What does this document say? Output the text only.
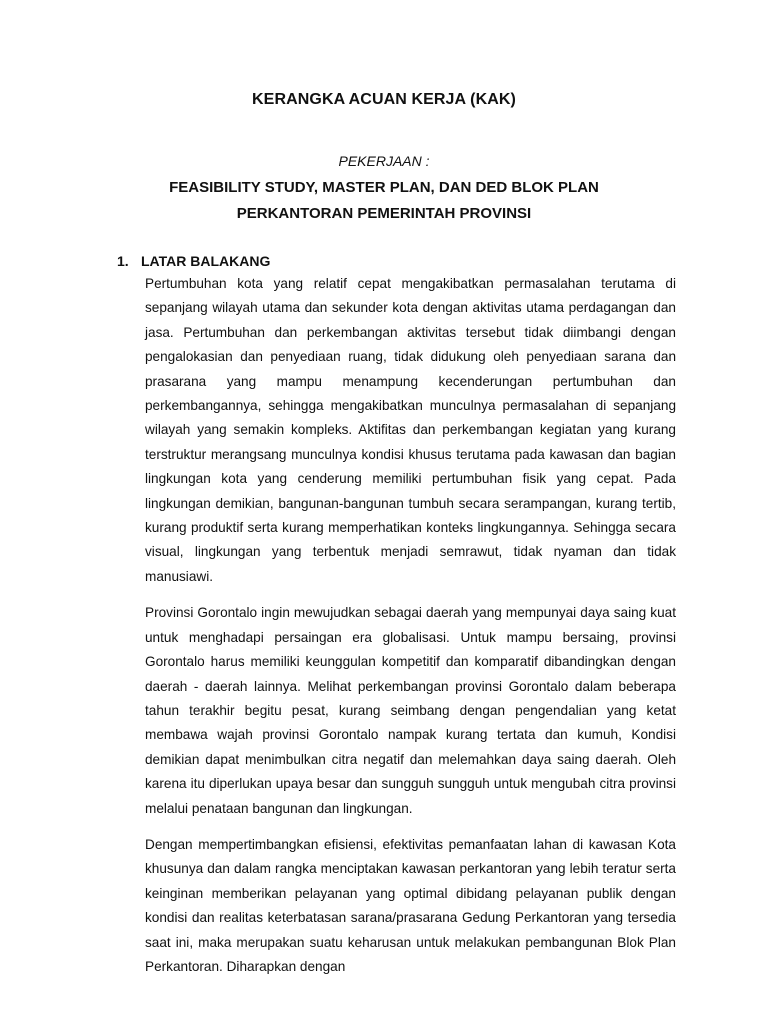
KERANGKA ACUAN KERJA (KAK)
PEKERJAAN :
FEASIBILITY STUDY, MASTER PLAN, DAN DED BLOK PLAN
PERKANTORAN PEMERINTAH PROVINSI
1. LATAR BALAKANG

Pertumbuhan kota yang relatif cepat mengakibatkan permasalahan terutama di sepanjang wilayah utama dan sekunder kota dengan aktivitas utama perdagangan dan jasa. Pertumbuhan dan perkembangan aktivitas tersebut tidak diimbangi dengan pengalokasian dan penyediaan ruang, tidak didukung oleh penyediaan sarana dan prasarana yang mampu menampung kecenderungan pertumbuhan dan perkembangannya, sehingga mengakibatkan munculnya permasalahan di sepanjang wilayah yang semakin kompleks. Aktifitas dan perkembangan kegiatan yang kurang terstruktur merangsang munculnya kondisi khusus terutama pada kawasan dan bagian lingkungan kota yang cenderung memiliki pertumbuhan fisik yang cepat. Pada lingkungan demikian, bangunan-bangunan tumbuh secara serampangan, kurang tertib, kurang produktif serta kurang memperhatikan konteks lingkungannya. Sehingga secara visual, lingkungan yang terbentuk menjadi semrawut, tidak nyaman dan tidak manusiawi.

Provinsi Gorontalo ingin mewujudkan sebagai daerah yang mempunyai daya saing kuat untuk menghadapi persaingan era globalisasi. Untuk mampu bersaing, provinsi Gorontalo harus memiliki keunggulan kompetitif dan komparatif dibandingkan dengan daerah - daerah lainnya. Melihat perkembangan provinsi Gorontalo dalam beberapa tahun terakhir begitu pesat, kurang seimbang dengan pengendalian yang ketat membawa wajah provinsi Gorontalo nampak kurang tertata dan kumuh, Kondisi demikian dapat menimbulkan citra negatif dan melemahkan daya saing daerah. Oleh karena itu diperlukan upaya besar dan sungguh sungguh untuk mengubah citra provinsi melalui penataan bangunan dan lingkungan.

Dengan mempertimbangkan efisiensi, efektivitas pemanfaatan lahan di kawasan Kota khusunya dan dalam rangka menciptakan kawasan perkantoran yang lebih teratur serta keinginan memberikan pelayanan yang optimal dibidang pelayanan publik dengan kondisi dan realitas keterbatasan sarana/prasarana Gedung Perkantoran yang tersedia saat ini, maka merupakan suatu keharusan untuk melakukan pembangunan Blok Plan Perkantoran. Diharapkan dengan
